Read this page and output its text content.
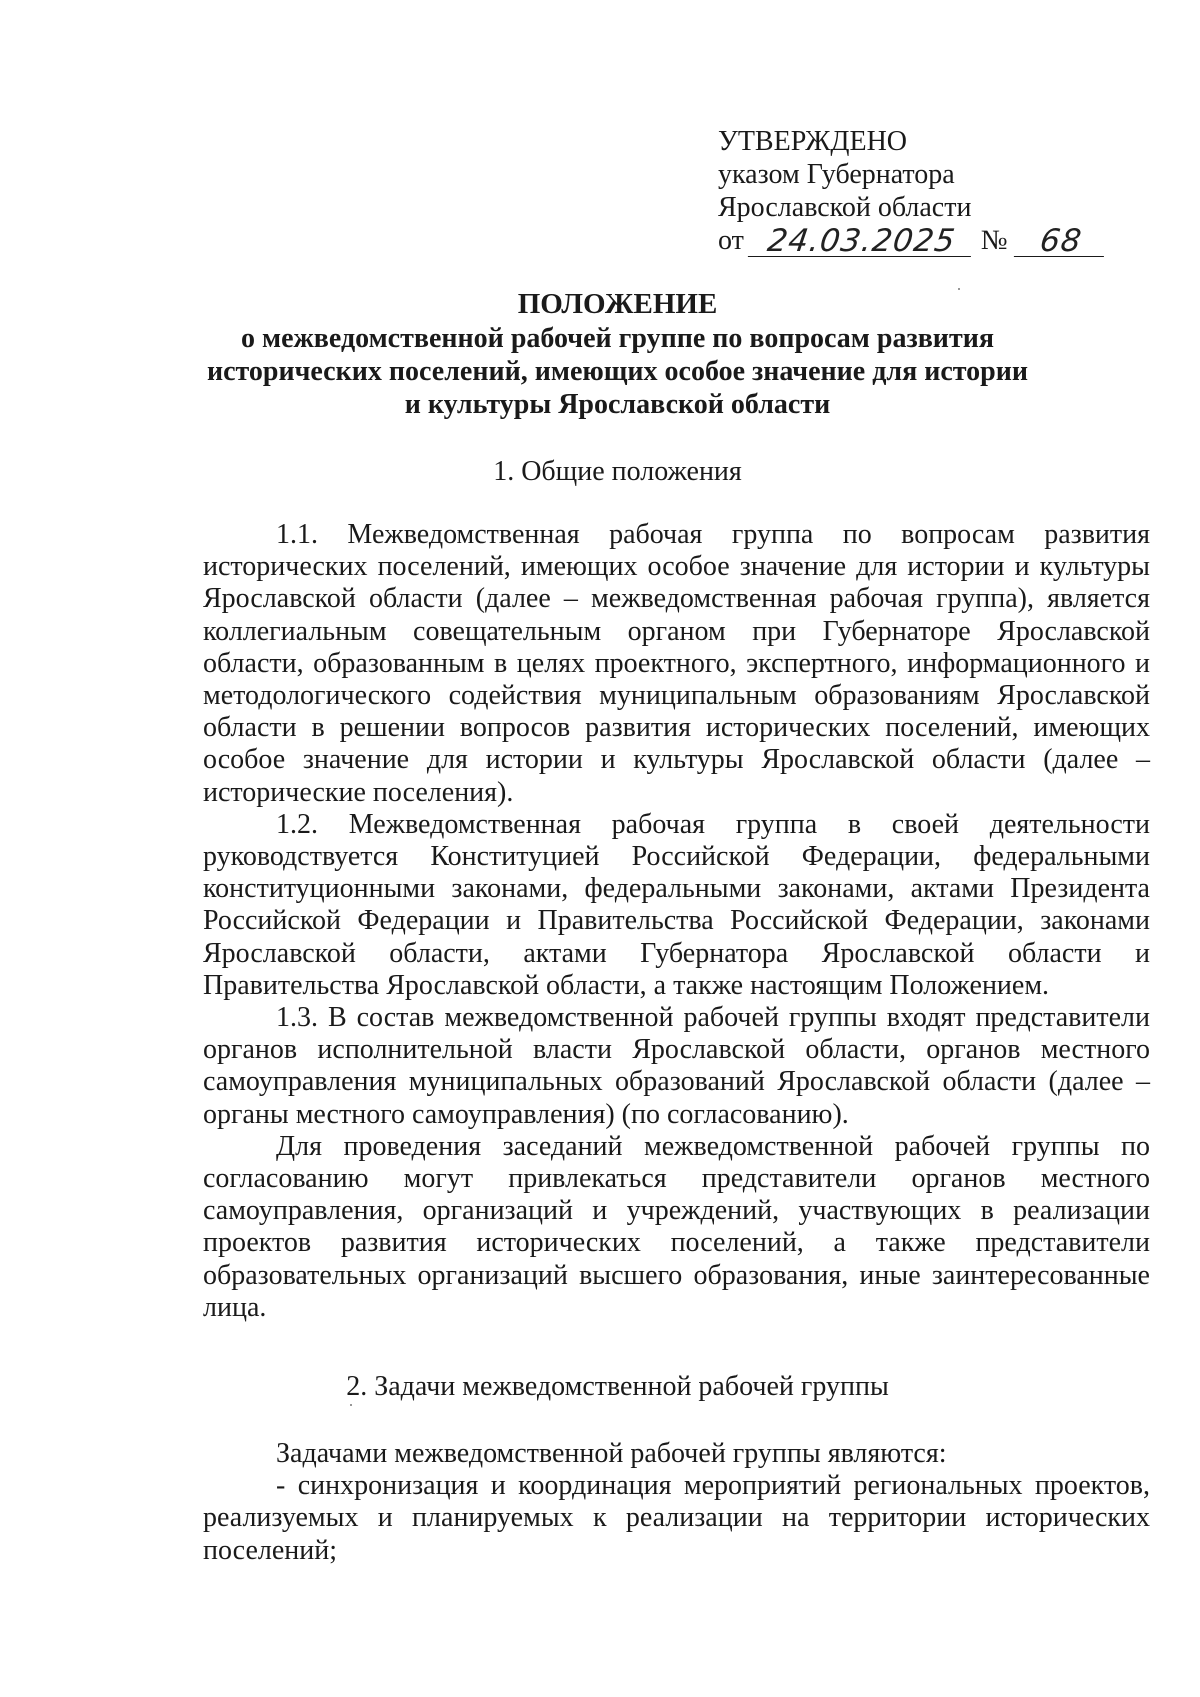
УТВЕРЖДЕНО
указом Губернатора
Ярославской области
от 24.03.2025 № 68
ПОЛОЖЕНИЕ
о межведомственной рабочей группе по вопросам развития
исторических поселений, имеющих особое значение для истории
и культуры Ярославской области
1. Общие положения

1.1. Межведомственная рабочая группа по вопросам развития исторических поселений, имеющих особое значение для истории и культуры Ярославской области (далее – межведомственная рабочая группа), является коллегиальным совещательным органом при Губернаторе Ярославской области, образованным в целях проектного, экспертного, информационного и методологического содействия муниципальным образованиям Ярославской области в решении вопросов развития исторических поселений, имеющих особое значение для истории и культуры Ярославской области (далее – исторические поселения).

1.2. Межведомственная рабочая группа в своей деятельности руководствуется Конституцией Российской Федерации, федеральными конституционными законами, федеральными законами, актами Президента Российской Федерации и Правительства Российской Федерации, законами Ярославской области, актами Губернатора Ярославской области и Правительства Ярославской области, а также настоящим Положением.

1.3. В состав межведомственной рабочей группы входят представители органов исполнительной власти Ярославской области, органов местного самоуправления муниципальных образований Ярославской области (далее – органы местного самоуправления) (по согласованию).

Для проведения заседаний межведомственной рабочей группы по согласованию могут привлекаться представители органов местного самоуправления, организаций и учреждений, участвующих в реализации проектов развития исторических поселений, а также представители образовательных организаций высшего образования, иные заинтересованные лица.

2. Задачи межведомственной рабочей группы

Задачами межведомственной рабочей группы являются:

- синхронизация и координация мероприятий региональных проектов, реализуемых и планируемых к реализации на территории исторических поселений;
